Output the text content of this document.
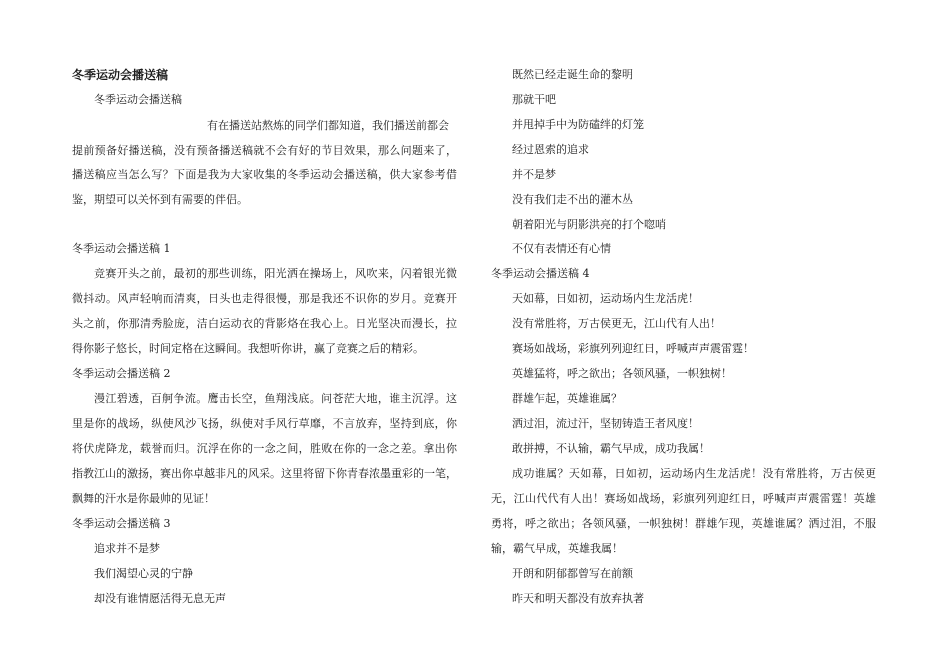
冬季运动会播送稿
冬季运动会播送稿
有在播送站熬炼的同学们都知道，我们播送前都会
提前预备好播送稿，没有预备播送稿就不会有好的节目效果，那么问题来了，
播送稿应当怎么写？下面是我为大家收集的冬季运动会播送稿，供大家参考借
鉴，期望可以关怀到有需要的伴侣。
冬季运动会播送稿 1
竞赛开头之前，最初的那些训练，阳光洒在操场上，风吹来，闪着银光微
微抖动。风声轻响而清爽，日头也走得很慢，那是我还不识你的岁月。竞赛开
头之前，你那清秀脸庞，洁白运动衣的背影烙在我心上。日光坚决而漫长，拉
得你影子悠长，时间定格在这瞬间。我想听你讲，赢了竞赛之后的精彩。
冬季运动会播送稿 2
漫江碧透，百舸争流。鹰击长空，鱼翔浅底。问苍茫大地，谁主沉浮。这
里是你的战场，纵使风沙飞扬，纵使对手风行草靡，不言放弃，坚持到底，你
将伏虎降龙，载誉而归。沉浮在你的一念之间，胜败在你的一念之差。拿出你
指教江山的激扬，赛出你卓越非凡的风采。这里将留下你青春浓墨重彩的一笔，
飘舞的汗水是你最帅的见证！
冬季运动会播送稿 3
追求并不是梦
我们渴望心灵的宁静
却没有谁情愿活得无息无声
既然已经走诞生命的黎明
那就干吧
并甩掉手中为防磕绊的灯笼
经过恩索的追求
并不是梦
没有我们走不出的灌木丛
朝着阳光与阴影洪亮的打个唿哨
不仅有表情还有心情
冬季运动会播送稿 4
天如幕，日如初，运动场内生龙活虎！
没有常胜将，万古侯更无，江山代有人出！
赛场如战场，彩旗列列迎红日，呼喊声声震雷霆！
英雄猛将，呼之欲出；各领风骚，一帜独树！
群雄乍起，英雄谁属？
洒过泪，流过汗，坚韧铸造王者风度！
敢拼搏，不认输，霸气早成，成功我属！
成功谁属？天如幕，日如初，运动场内生龙活虎！没有常胜将，万古侯更
无，江山代代有人出！赛场如战场，彩旗列列迎红日，呼喊声声震雷霆！英雄
勇将，呼之欲出；各领风骚，一帜独树！群雄乍现，英雄谁属？洒过泪，不服
输，霸气早成，英雄我属！
开朗和阴郁都曾写在前额
昨天和明天都没有放弃执著
